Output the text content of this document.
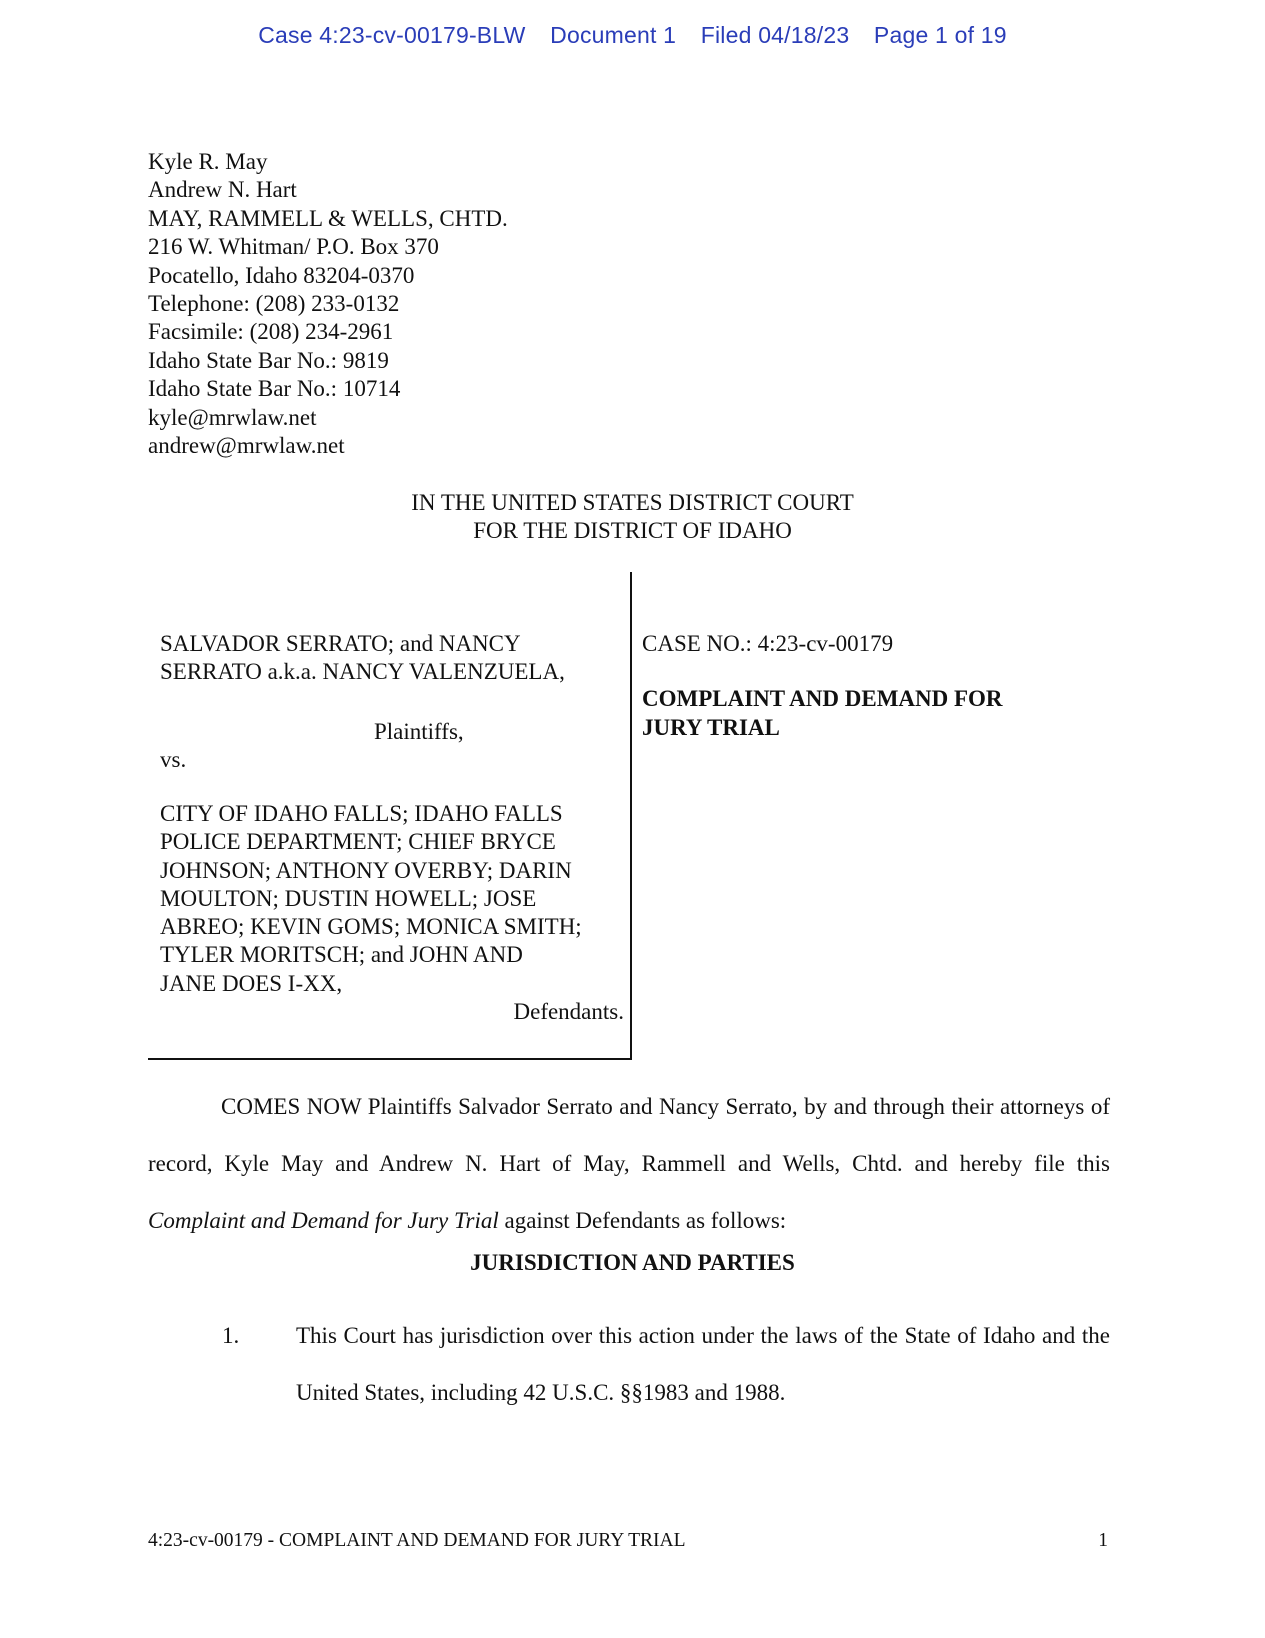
Case 4:23-cv-00179-BLW Document 1 Filed 04/18/23 Page 1 of 19
Kyle R. May
Andrew N. Hart
MAY, RAMMELL & WELLS, CHTD.
216 W. Whitman/ P.O. Box 370
Pocatello, Idaho 83204-0370
Telephone: (208) 233-0132
Facsimile: (208) 234-2961
Idaho State Bar No.: 9819
Idaho State Bar No.: 10714
kyle@mrwlaw.net
andrew@mrwlaw.net
IN THE UNITED STATES DISTRICT COURT
FOR THE DISTRICT OF IDAHO
SALVADOR SERRATO; and NANCY
SERRATO a.k.a. NANCY VALENZUELA,
Plaintiffs,
vs.
CITY OF IDAHO FALLS; IDAHO FALLS
POLICE DEPARTMENT; CHIEF BRYCE
JOHNSON; ANTHONY OVERBY; DARIN
MOULTON; DUSTIN HOWELL; JOSE
ABREO; KEVIN GOMS; MONICA SMITH;
TYLER MORITSCH; and JOHN AND
JANE DOES I-XX,
Defendants.
CASE NO.: 4:23-cv-00179
COMPLAINT AND DEMAND FOR
JURY TRIAL
COMES NOW Plaintiffs Salvador Serrato and Nancy Serrato, by and through their attorneys of record, Kyle May and Andrew N. Hart of May, Rammell and Wells, Chtd. and hereby file this Complaint and Demand for Jury Trial against Defendants as follows:
JURISDICTION AND PARTIES
1. This Court has jurisdiction over this action under the laws of the State of Idaho and the United States, including 42 U.S.C. §§1983 and 1988.
4:23-cv-00179 - COMPLAINT AND DEMAND FOR JURY TRIAL	1
